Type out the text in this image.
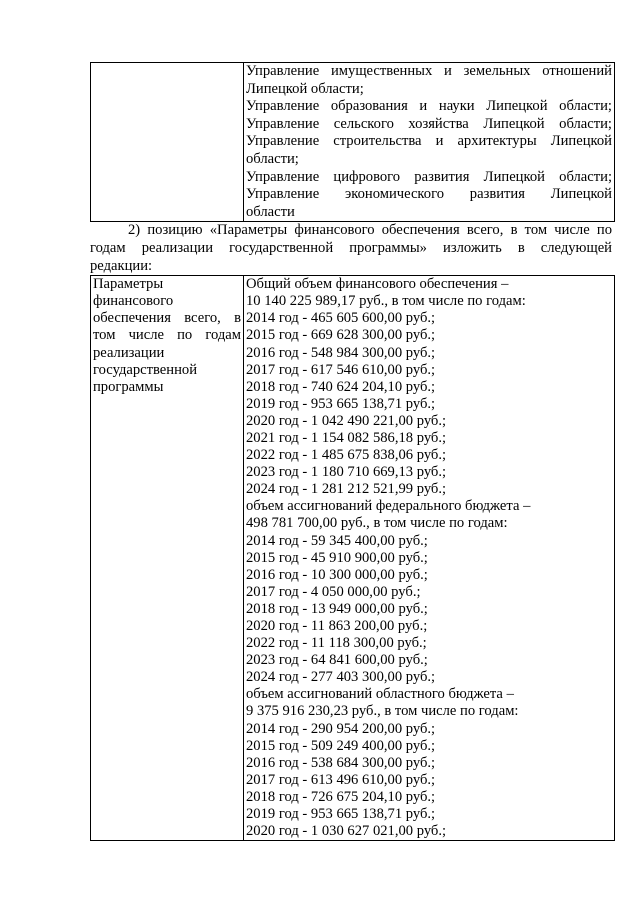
Управление имущественных и земельных отношений
Липецкой области;
Управление образования и науки Липецкой области;
Управление сельского хозяйства Липецкой области;
Управление строительства и архитектуры Липецкой
области;
Управление цифрового развития Липецкой области;
Управление экономического развития Липецкой
области
2) позицию «Параметры финансового обеспечения всего, в том числе по
годам реализации государственной программы» изложить в следующей
редакции:
Параметры
финансового
обеспечения всего, в
том числе по годам
реализации
государственной
программы

Общий объем финансового обеспечения –
10 140 225 989,17 руб., в том числе по годам:
2014 год - 465 605 600,00 руб.;
2015 год - 669 628 300,00 руб.;
2016 год - 548 984 300,00 руб.;
2017 год - 617 546 610,00 руб.;
2018 год - 740 624 204,10 руб.;
2019 год - 953 665 138,71 руб.;
2020 год - 1 042 490 221,00 руб.;
2021 год - 1 154 082 586,18 руб.;
2022 год - 1 485 675 838,06 руб.;
2023 год - 1 180 710 669,13 руб.;
2024 год - 1 281 212 521,99 руб.;
объем ассигнований федерального бюджета –
498 781 700,00 руб., в том числе по годам:
2014 год - 59 345 400,00 руб.;
2015 год - 45 910 900,00 руб.;
2016 год - 10 300 000,00 руб.;
2017 год - 4 050 000,00 руб.;
2018 год - 13 949 000,00 руб.;
2020 год - 11 863 200,00 руб.;
2022 год - 11 118 300,00 руб.;
2023 год - 64 841 600,00 руб.;
2024 год - 277 403 300,00 руб.;
объем ассигнований областного бюджета –
9 375 916 230,23 руб., в том числе по годам:
2014 год - 290 954 200,00 руб.;
2015 год - 509 249 400,00 руб.;
2016 год - 538 684 300,00 руб.;
2017 год - 613 496 610,00 руб.;
2018 год - 726 675 204,10 руб.;
2019 год - 953 665 138,71 руб.;
2020 год - 1 030 627 021,00 руб.;
